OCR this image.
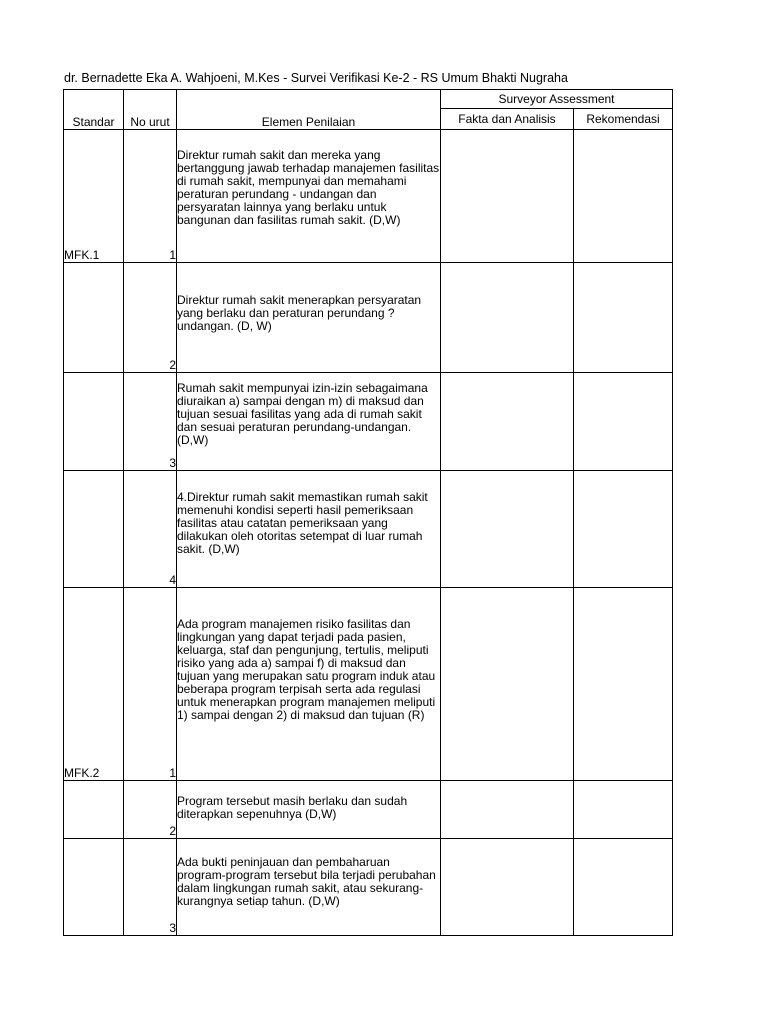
dr. Bernadette Eka A. Wahjoeni, M.Kes - Survei Verifikasi Ke-2 - RS Umum Bhakti Nugraha
Standar	No urut	Elemen Penilaian	Surveyor Assessment	
			Fakta dan Analisis	Rekomendasi
MFK.1	1	Direktur rumah sakit dan mereka yang bertanggung jawab terhadap manajemen fasilitas di rumah sakit, mempunyai dan memahami peraturan perundang - undangan dan persyaratan lainnya yang berlaku untuk bangunan dan fasilitas rumah sakit. (D,W)		

	2	Direktur rumah sakit menerapkan persyaratan yang berlaku dan peraturan perundang ? undangan. (D, W)		

	3	Rumah sakit mempunyai izin-izin sebagaimana diuraikan a) sampai dengan m) di maksud dan tujuan sesuai fasilitas yang ada di rumah sakit dan sesuai peraturan perundang-undangan. (D,W)		

	4	4.Direktur rumah sakit memastikan rumah sakit memenuhi kondisi seperti hasil pemeriksaan fasilitas atau catatan pemeriksaan yang dilakukan oleh otoritas setempat di luar rumah sakit. (D,W)		

MFK.2	1	Ada program manajemen risiko fasilitas dan lingkungan yang dapat terjadi pada pasien, keluarga, staf dan pengunjung, tertulis, meliputi risiko yang ada a) sampai f) di maksud dan tujuan yang merupakan satu program induk atau beberapa program terpisah serta ada regulasi untuk menerapkan program manajemen meliputi 1) sampai dengan 2) di maksud dan tujuan (R)		

	2	Program tersebut masih berlaku dan sudah diterapkan sepenuhnya (D,W)		

	3	Ada bukti peninjauan dan pembaharuan program-program tersebut bila terjadi perubahan dalam lingkungan rumah sakit, atau sekurang-kurangnya setiap tahun. (D,W)		
